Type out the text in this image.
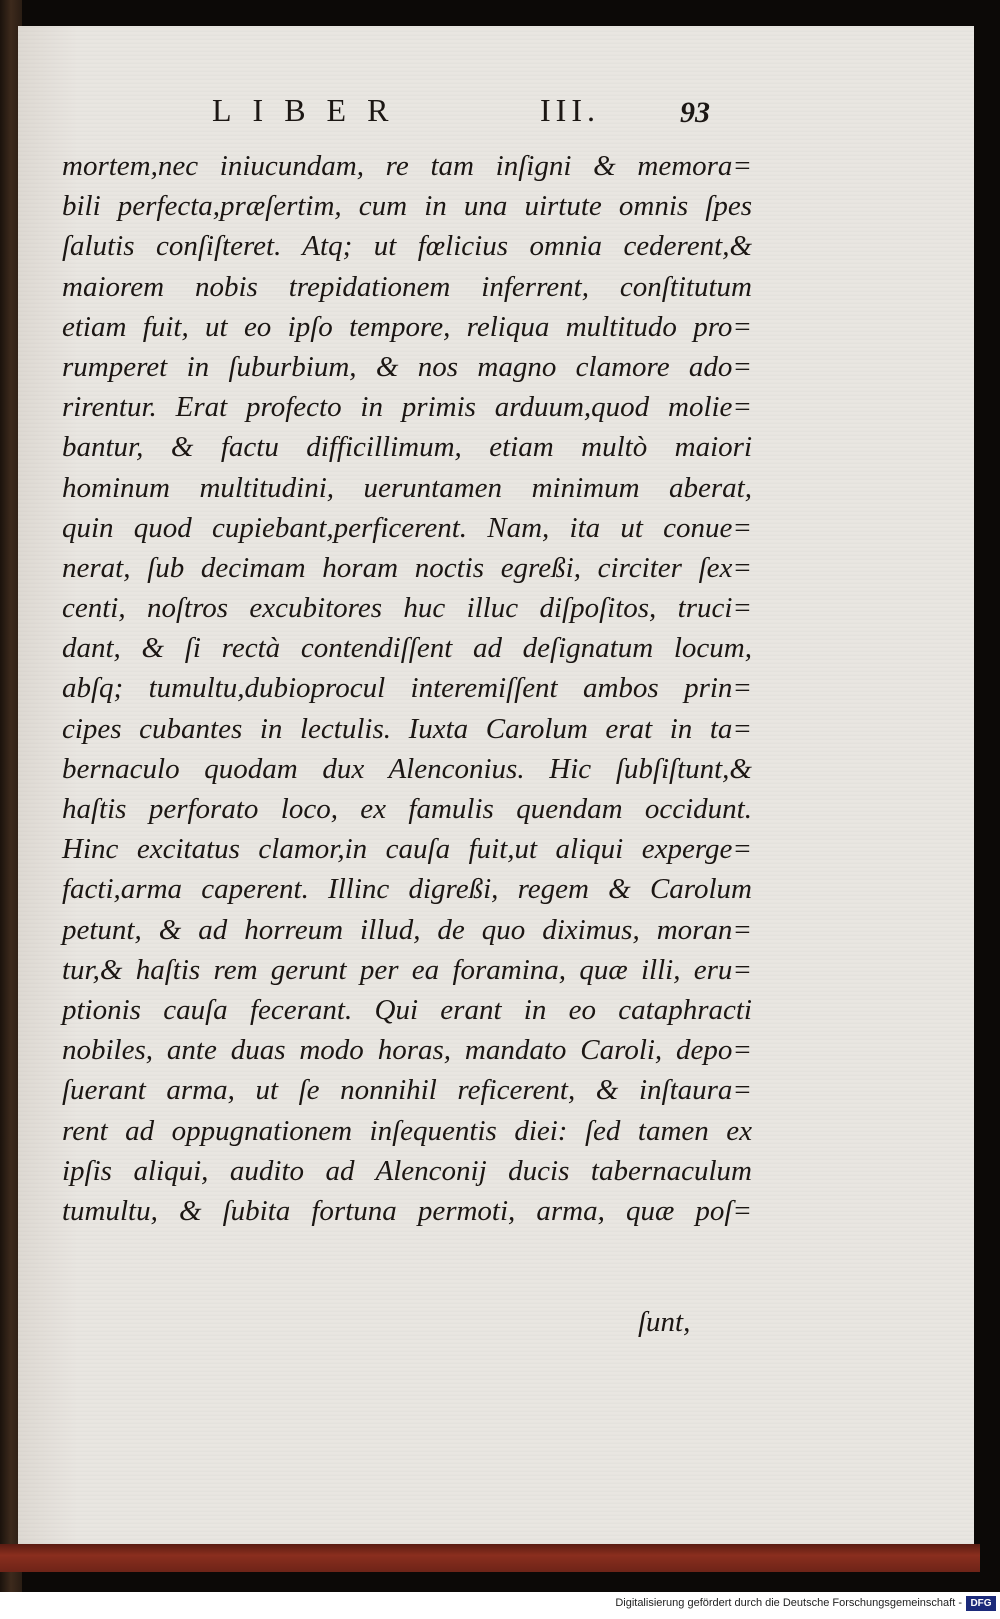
LIBER	III.	93
mortem,nec iniucundam, re tam inſigni & memora=
bili perfecta,præſertim, cum in una uirtute omnis ſpes
ſalutis conſiſteret. Atq; ut fœlicius omnia cederent,&
maiorem nobis trepidationem inferrent, conſtitutum
etiam fuit, ut eo ipſo tempore, reliqua multitudo pro=
rumperet in ſuburbium, & nos magno clamore ado=
rirentur. Erat profecto in primis arduum,quod molie=
bantur, & factu difficillimum, etiam multò maiori
hominum multitudini, ueruntamen minimum aberat,
quin quod cupiebant,perficerent. Nam, ita ut conue=
nerat, ſub decimam horam noctis egreßi, circiter ſex=
centi, noſtros excubitores huc illuc diſpoſitos, truci=
dant, & ſi rectà contendiſſent ad deſignatum locum,
abſq; tumultu,dubioprocul interemiſſent ambos prin=
cipes cubantes in lectulis. Iuxta Carolum erat in ta=
bernaculo quodam dux Alenconius. Hic ſubſiſtunt,&
haſtis perforato loco, ex famulis quendam occidunt.
Hinc excitatus clamor,in cauſa fuit,ut aliqui experge=
facti,arma caperent. Illinc digreßi, regem & Carolum
petunt, & ad horreum illud, de quo diximus, moran=
tur,& haſtis rem gerunt per ea foramina, quæ illi, eru=
ptionis cauſa fecerant. Qui erant in eo cataphracti
nobiles, ante duas modo horas, mandato Caroli, depo=
ſuerant arma, ut ſe nonnihil reficerent, & inſtaura=
rent ad oppugnationem inſequentis diei: ſed tamen ex
ipſis aliqui, audito ad Alenconij ducis tabernaculum
tumultu, & ſubita fortuna permoti, arma, quæ poſ=
ſunt,
Digitalisierung gefördert durch die Deutsche Forschungsgemeinschaft - DFG
